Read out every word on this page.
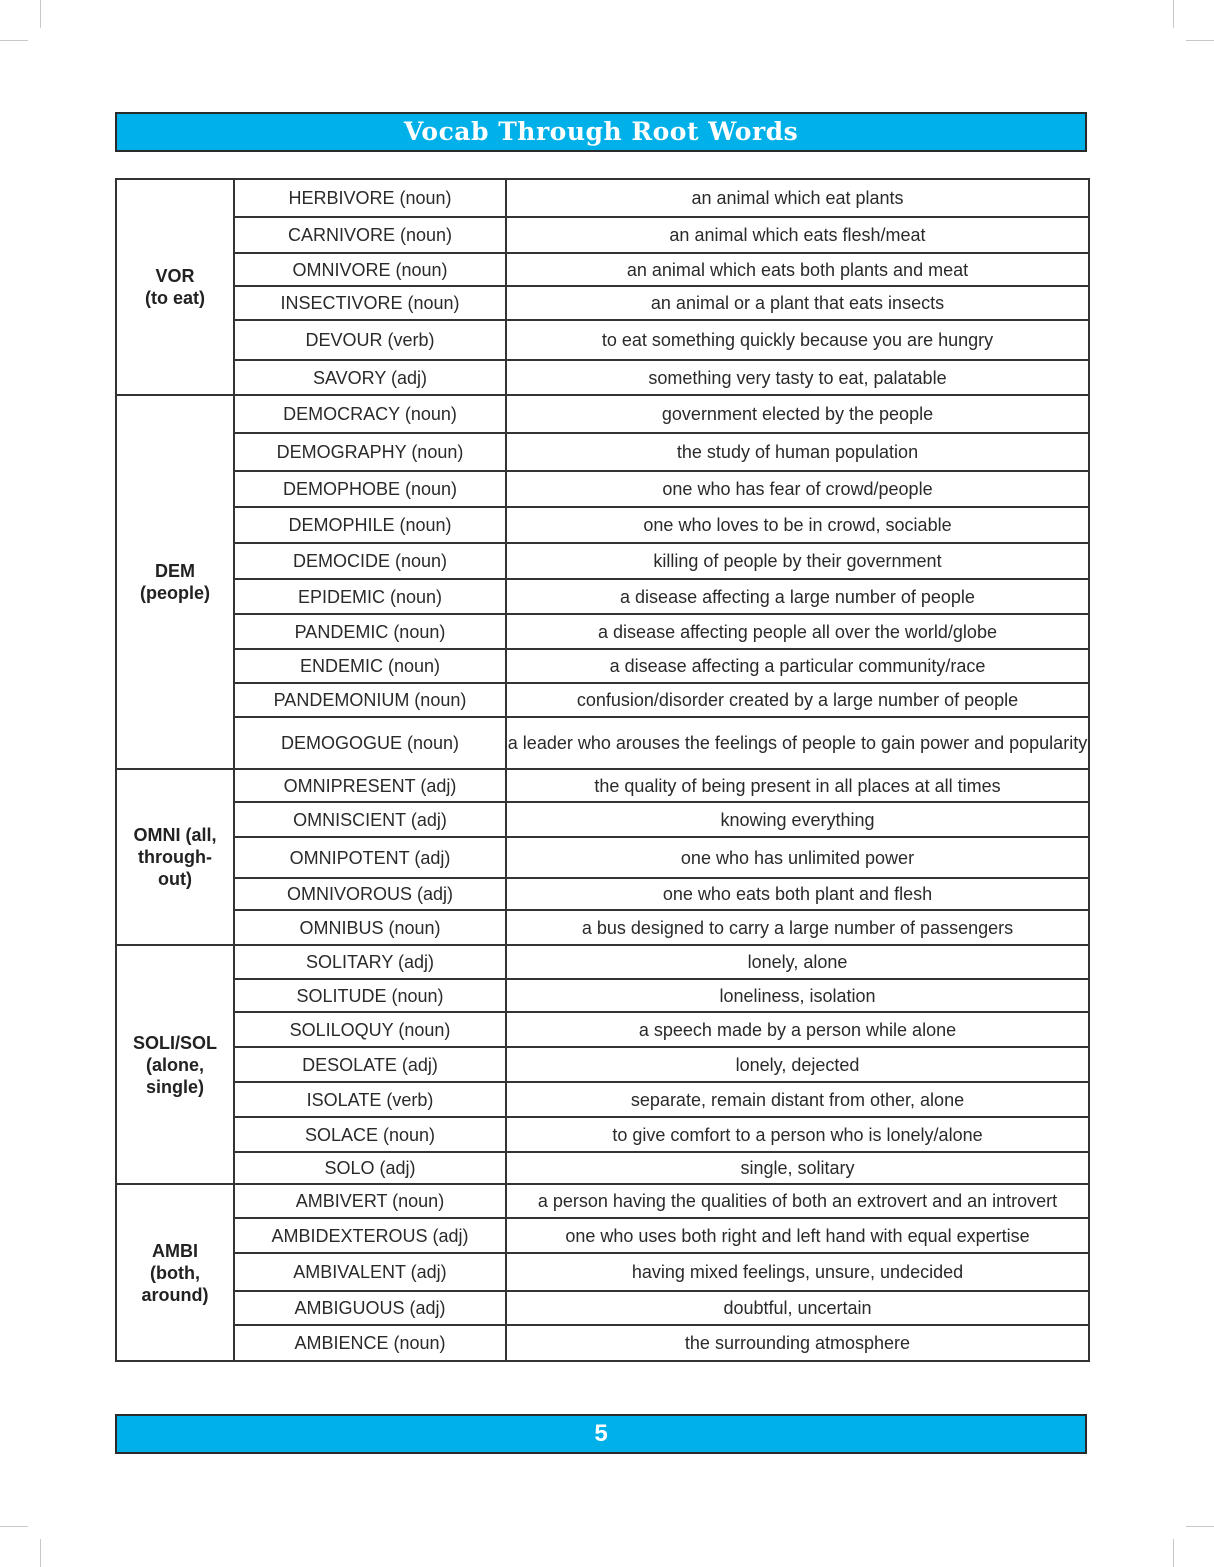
Vocab Through Root Words
VOR
(to eat)	HERBIVORE (noun)	an animal which eat plants
	CARNIVORE (noun)	an animal which eats flesh/meat
	OMNIVORE (noun)	an animal which eats both plants and meat
	INSECTIVORE (noun)	an animal or a plant that eats insects
	DEVOUR (verb)	to eat something quickly because you are hungry
	SAVORY (adj)	something very tasty to eat, palatable

DEM
(people)	DEMOCRACY (noun)	government elected by the people
	DEMOGRAPHY (noun)	the study of human population
	DEMOPHOBE (noun)	one who has fear of crowd/people
	DEMOPHILE (noun)	one who loves to be in crowd, sociable
	DEMOCIDE (noun)	killing of people by their government
	EPIDEMIC (noun)	a disease affecting a large number of people
	PANDEMIC (noun)	a disease affecting people all over the world/globe
	ENDEMIC (noun)	a disease affecting a particular community/race
	PANDEMONIUM (noun)	confusion/disorder created by a large number of people
	DEMOGOGUE (noun)	a leader who arouses the feelings of people to gain power and popularity

OMNI (all,
through-
out)	OMNIPRESENT (adj)	the quality of being present in all places at all times
	OMNISCIENT (adj)	knowing everything
	OMNIPOTENT (adj)	one who has unlimited power
	OMNIVOROUS (adj)	one who eats both plant and flesh
	OMNIBUS (noun)	a bus designed to carry a large number of passengers

SOLI/SOL
(alone, single)	SOLITARY (adj)	lonely, alone
	SOLITUDE (noun)	loneliness, isolation
	SOLILOQUY (noun)	a speech made by a person while alone
	DESOLATE (adj)	lonely, dejected
	ISOLATE (verb)	separate, remain distant from other, alone
	SOLACE (noun)	to give comfort to a person who is lonely/alone
	SOLO (adj)	single, solitary

AMBI
(both, around)	AMBIVERT (noun)	a person having the qualities of both an extrovert and an introvert
	AMBIDEXTEROUS (adj)	one who uses both right and left hand with equal expertise
	AMBIVALENT (adj)	having mixed feelings, unsure, undecided
	AMBIGUOUS (adj)	doubtful, uncertain
	AMBIENCE (noun)	the surrounding atmosphere
5
